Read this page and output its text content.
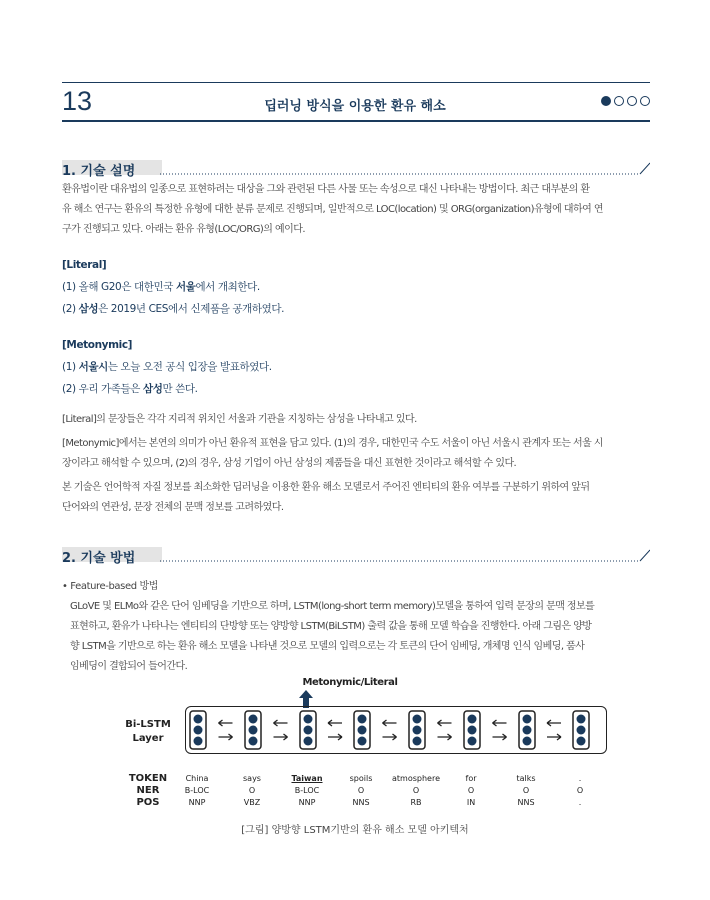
13	딥러닝 방식을 이용한 환유 해소
1. 기술 설명
환유법이란 대유법의 일종으로 표현하려는 대상을 그와 관련된 다른 사물 또는 속성으로 대신 나타내는 방법이다. 최근 대부분의 환
유 해소 연구는 환유의 특정한 유형에 대한 분류 문제로 진행되며, 일반적으로 LOC(location) 및 ORG(organization)유형에 대하여 연
구가 진행되고 있다. 아래는 환유 유형(LOC/ORG)의 예이다.
[Literal]
(1) 올해 G20은 대한민국 서울에서 개최한다.
(2) 삼성은 2019년 CES에서 신제품을 공개하였다.
[Metonymic]
(1) 서울시는 오늘 오전 공식 입장을 발표하였다.
(2) 우리 가족들은 삼성만 쓴다.
[Literal]의 문장들은 각각 지리적 위치인 서울과 기관을 지칭하는 삼성을 나타내고 있다.
[Metonymic]에서는 본연의 의미가 아닌 환유적 표현을 담고 있다. (1)의 경우, 대한민국 수도 서울이 아닌 서울시 관계자 또는 서울 시
장이라고 해석할 수 있으며, (2)의 경우, 삼성 기업이 아닌 삼성의 제품들을 대신 표현한 것이라고 해석할 수 있다.
본 기술은 언어학적 자질 정보를 최소화한 딥러닝을 이용한 환유 해소 모델로서 주어진 엔티티의 환유 여부를 구분하기 위하여 앞뒤
단어와의 연관성, 문장 전체의 문맥 정보를 고려하였다.
2. 기술 방법
• Feature-based 방법
GLoVE 및 ELMo와 같은 단어 임베딩을 기반으로 하며, LSTM(long-short term memory)모델을 통하여 입력 문장의 문맥 정보를
표현하고, 환유가 나타나는 엔티티의 단방향 또는 양방향 LSTM(BiLSTM) 출력 값을 통해 모델 학습을 진행한다. 아래 그림은 양방
향 LSTM을 기반으로 하는 환유 해소 모델을 나타낸 것으로 모델의 입력으로는 각 토큰의 단어 임베딩, 개체명 인식 임베딩, 품사
임베딩이 결합되어 들어간다.
Metonymic/Literal
Bi-LSTM
Layer
TOKEN
NER
POS
China
B-LOC
NNP
says
O
VBZ
Taiwan
B-LOC
NNP
spoils
O
NNS
atmosphere
O
RB
for
O
IN
talks
O
NNS
.
O
.
[그림] 양방향 LSTM기반의 환유 해소 모델 아키텍처
